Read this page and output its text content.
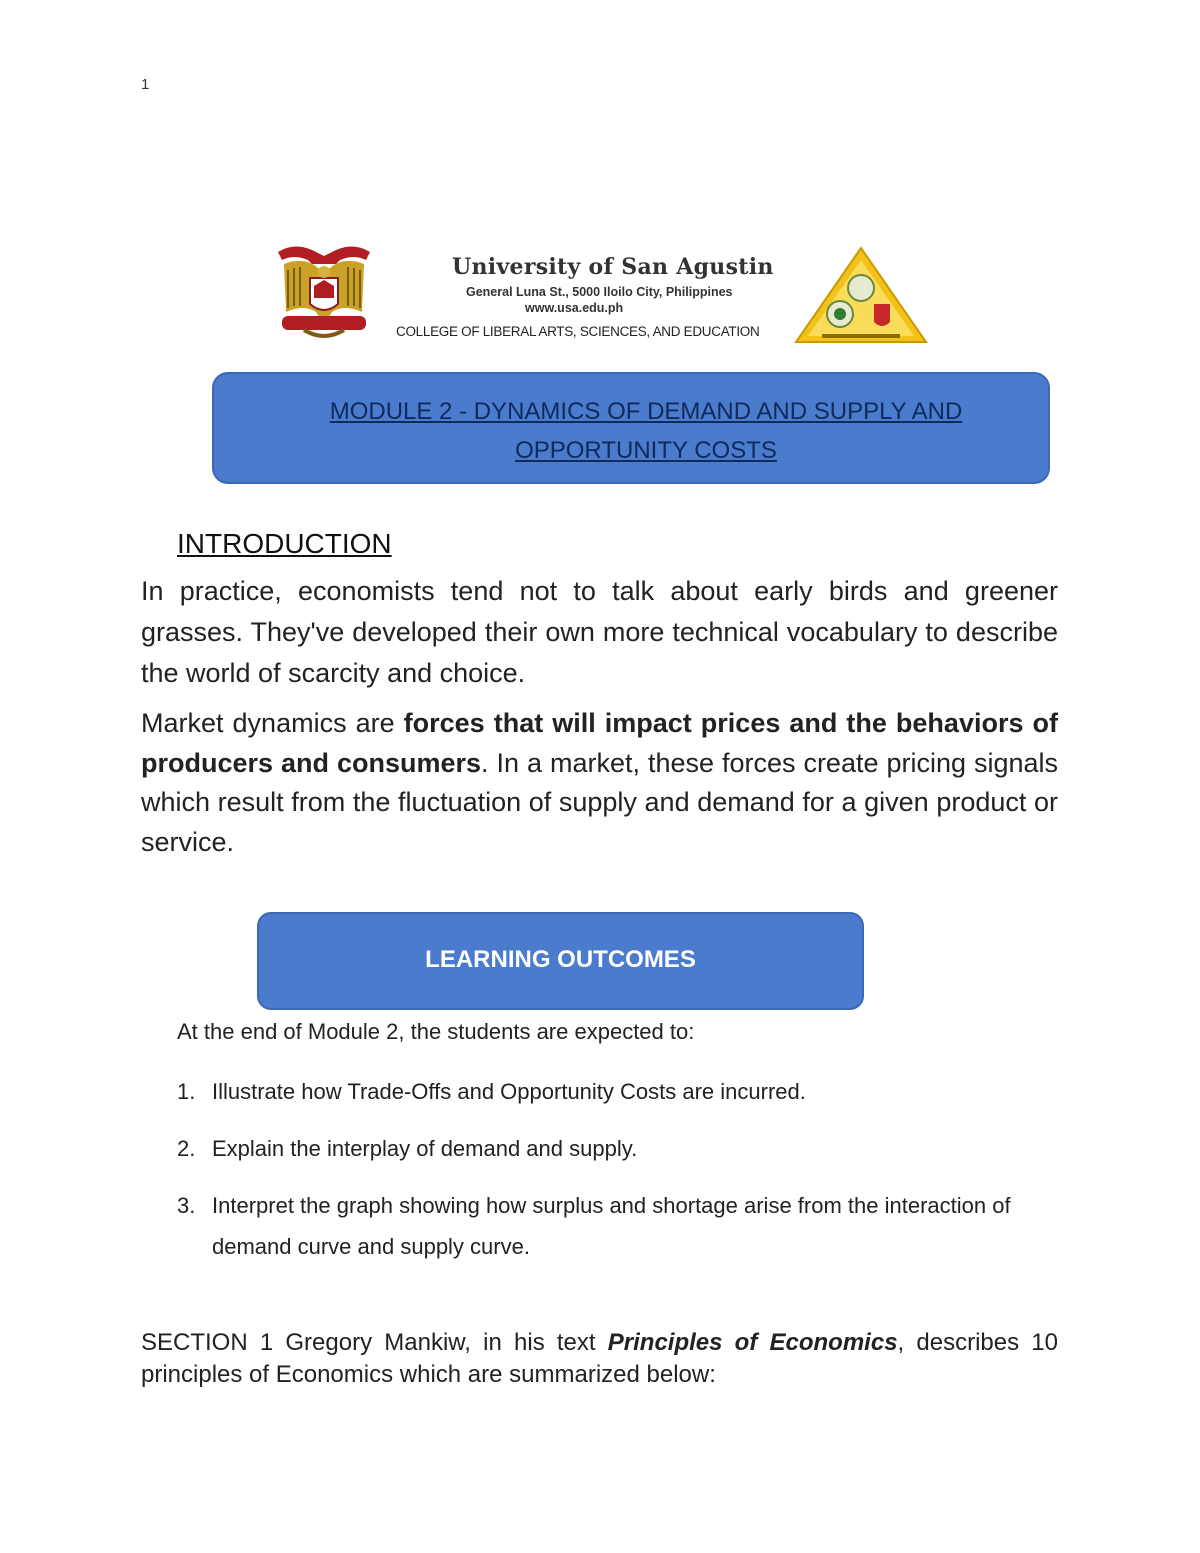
1
University of San Agustin
General Luna St., 5000 Iloilo City, Philippines
www.usa.edu.ph
COLLEGE OF LIBERAL ARTS, SCIENCES, AND EDUCATION
MODULE 2 - DYNAMICS OF DEMAND AND SUPPLY AND
OPPORTUNITY COSTS
INTRODUCTION
In practice, economists tend not to talk about early birds and greener grasses. They've developed their own more technical vocabulary to describe the world of scarcity and choice.
Market dynamics are forces that will impact prices and the behaviors of producers and consumers. In a market, these forces create pricing signals which result from the fluctuation of supply and demand for a given product or service.
LEARNING OUTCOMES
At the end of Module 2, the students are expected to:
1. Illustrate how Trade-Offs and Opportunity Costs are incurred.
2. Explain the interplay of demand and supply.
3. Interpret the graph showing how surplus and shortage arise from the interaction of demand curve and supply curve.
SECTION 1 Gregory Mankiw, in his text Principles of Economics, describes 10 principles of Economics which are summarized below:
